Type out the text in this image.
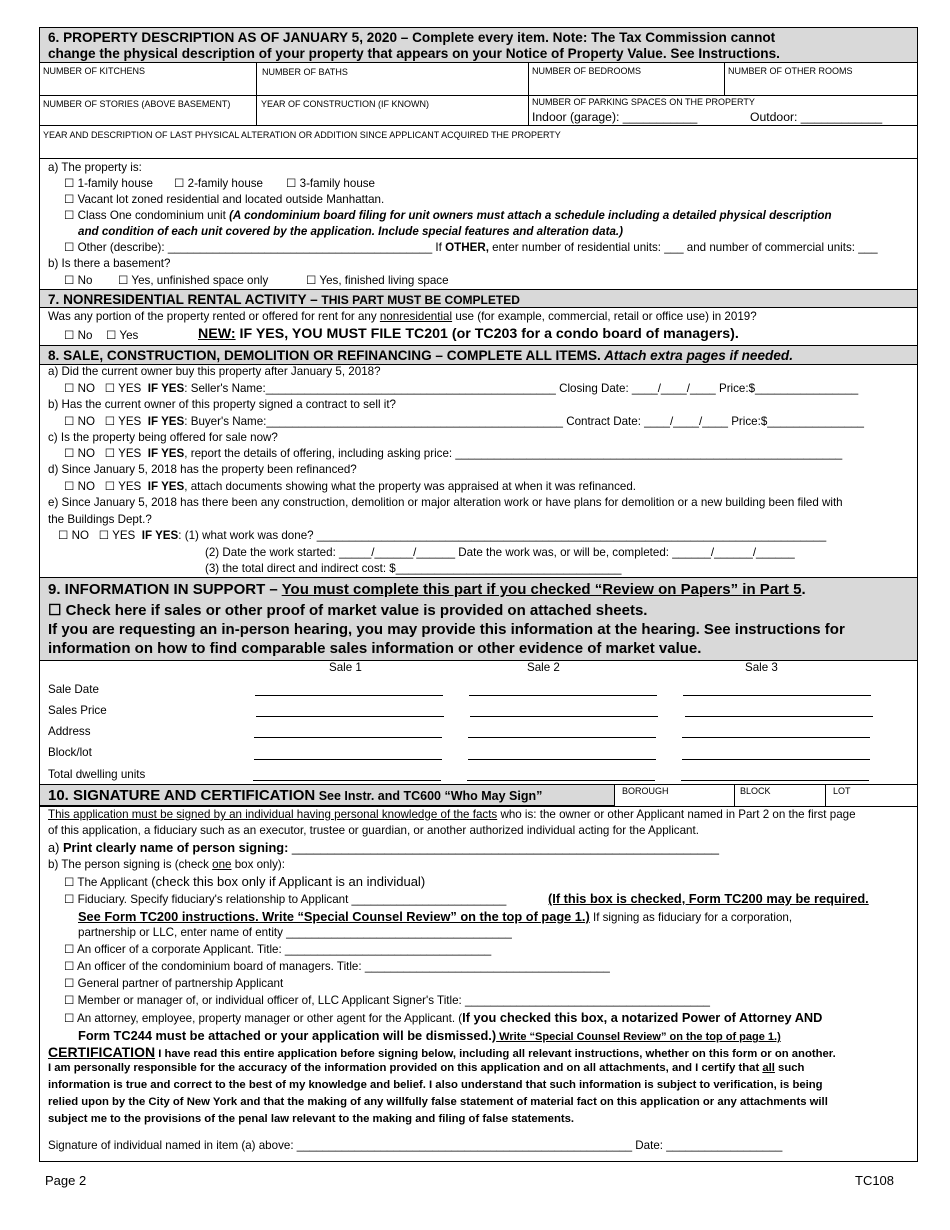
6. PROPERTY DESCRIPTION AS OF JANUARY 5, 2020 – Complete every item. Note: The Tax Commission cannot
change the physical description of your property that appears on your Notice of Property Value. See Instructions.
NUMBER OF KITCHENS	NUMBER OF BATHS	NUMBER OF BEDROOMS	NUMBER OF OTHER ROOMS
NUMBER OF STORIES (ABOVE BASEMENT)	YEAR OF CONSTRUCTION (IF KNOWN)	NUMBER OF PARKING SPACES ON THE PROPERTY
Indoor (garage): ___________	Outdoor: ____________
YEAR AND DESCRIPTION OF LAST PHYSICAL ALTERATION OR ADDITION SINCE APPLICANT ACQUIRED THE PROPERTY
a) The property is:
☐ 1-family house ☐ 2-family house ☐ 3-family house
☐ Vacant lot zoned residential and located outside Manhattan.
☐ Class One condominium unit (A condominium board filing for unit owners must attach a schedule including a detailed physical description
and condition of each unit covered by the application. Include special features and alteration data.)
☐ Other (describe): _________________________________________ If OTHER, enter number of residential units: ___ and number of commercial units: ___
b) Is there a basement?
☐ No ☐ Yes, unfinished space only	☐ Yes, finished living space
7. NONRESIDENTIAL RENTAL ACTIVITY – THIS PART MUST BE COMPLETED
Was any portion of the property rented or offered for rent for any nonresidential use (for example, commercial, retail or office use) in 2019?
☐ No ☐ Yes	NEW: IF YES, YOU MUST FILE TC201 (or TC203 for a condo board of managers).
8. SALE, CONSTRUCTION, DEMOLITION OR REFINANCING – COMPLETE ALL ITEMS. Attach extra pages if needed.
a) Did the current owner buy this property after January 5, 2018?
☐ NO ☐ YES IF YES: Seller's Name:_____________________________________________ Closing Date: ____/____/____ Price:$________________
b) Has the current owner of this property signed a contract to sell it?
☐ NO ☐ YES IF YES: Buyer's Name:______________________________________________ Contract Date: ____/____/____ Price:$_______________
c) Is the property being offered for sale now?
☐ NO ☐ YES IF YES, report the details of offering, including asking price: ____________________________________________________________
d) Since January 5, 2018 has the property been refinanced?
☐ NO ☐ YES IF YES, attach documents showing what the property was appraised at when it was refinanced.
e) Since January 5, 2018 has there been any construction, demolition or major alteration work or have plans for demolition or a new building been filed with
the Buildings Dept.?
☐ NO ☐ YES IF YES: (1) what work was done? _______________________________________________________________________________
(2) Date the work started: _____/______/______ Date the work was, or will be, completed: ______/______/______
(3) the total direct and indirect cost: $___________________________________
9. INFORMATION IN SUPPORT – You must complete this part if you checked “Review on Papers” in Part 5.
☐ Check here if sales or other proof of market value is provided on attached sheets.
If you are requesting an in-person hearing, you may provide this information at the hearing. See instructions for
information on how to find comparable sales information or other evidence of market value.
Sale 1	Sale 2	Sale 3
Sale Date
Sales Price
Address
Block/lot
Total dwelling units
10. SIGNATURE AND CERTIFICATION See Instr. and TC600 “Who May Sign”	BOROUGH	BLOCK	LOT
This application must be signed by an individual having personal knowledge of the facts who is: the owner or other Applicant named in Part 2 on the first page
of this application, a fiduciary such as an executor, trustee or guardian, or another authorized individual acting for the Applicant.
a) Print clearly name of person signing: ____________________________________________________________
b) The person signing is (check one box only):
☐ The Applicant (check this box only if Applicant is an individual)
☐ Fiduciary. Specify fiduciary's relationship to Applicant ________________________	(If this box is checked, Form TC200 may be required.
See Form TC200 instructions. Write “Special Counsel Review” on the top of page 1.) If signing as fiduciary for a corporation,
partnership or LLC, enter name of entity ___________________________________
☐ An officer of a corporate Applicant. Title: ________________________________
☐ An officer of the condominium board of managers. Title: ______________________________________
☐ General partner of partnership Applicant
☐ Member or manager of, or individual officer of, LLC Applicant Signer's Title: ______________________________________
☐ An attorney, employee, property manager or other agent for the Applicant. (If you checked this box, a notarized Power of Attorney AND
Form TC244 must be attached or your application will be dismissed.) Write “Special Counsel Review” on the top of page 1.)
CERTIFICATION I have read this entire application before signing below, including all relevant instructions, whether on this form or on another.
I am personally responsible for the accuracy of the information provided on this application and on all attachments, and I certify that all such
information is true and correct to the best of my knowledge and belief. I also understand that such information is subject to verification, is being
relied upon by the City of New York and that the making of any willfully false statement of material fact on this application or any attachments will
subject me to the provisions of the penal law relevant to the making and filing of false statements.
Signature of individual named in item (a) above: ____________________________________________________ Date: __________________
Page 2	TC108
